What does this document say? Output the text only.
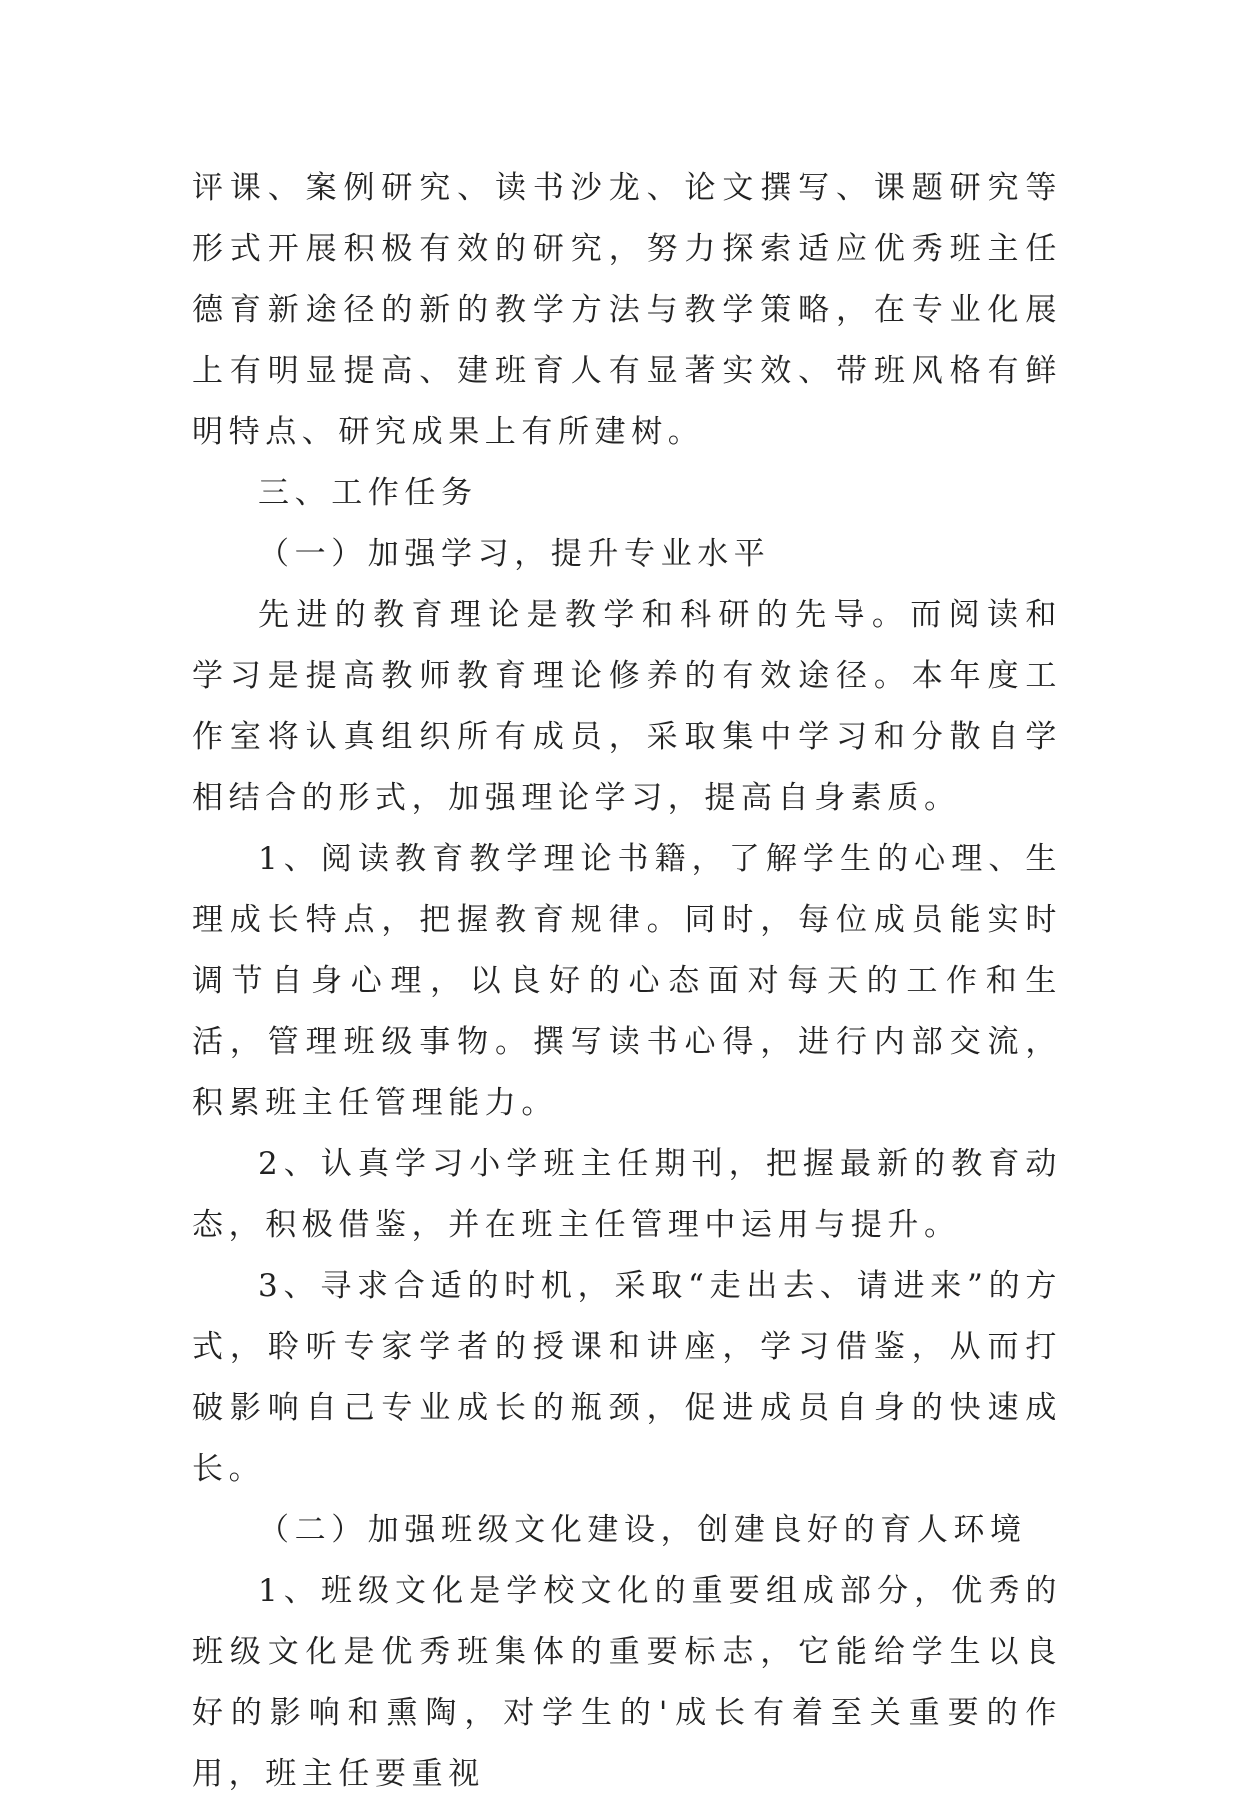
评课、案例研究、读书沙龙、论文撰写、课题研究等形式开展积极有效的研究，努力探索适应优秀班主任德育新途径的新的教学方法与教学策略，在专业化展上有明显提高、建班育人有显著实效、带班风格有鲜明特点、研究成果上有所建树。

三、工作任务

（一）加强学习，提升专业水平

先进的教育理论是教学和科研的先导。而阅读和学习是提高教师教育理论修养的有效途径。本年度工作室将认真组织所有成员，采取集中学习和分散自学相结合的形式，加强理论学习，提高自身素质。

1、阅读教育教学理论书籍，了解学生的心理、生理成长特点，把握教育规律。同时，每位成员能实时调节自身心理，以良好的心态面对每天的工作和生活，管理班级事物。撰写读书心得，进行内部交流，积累班主任管理能力。

2、认真学习小学班主任期刊，把握最新的教育动态，积极借鉴，并在班主任管理中运用与提升。

3、寻求合适的时机，采取“走出去、请进来”的方式，聆听专家学者的授课和讲座，学习借鉴，从而打破影响自己专业成长的瓶颈，促进成员自身的快速成长。

（二）加强班级文化建设，创建良好的育人环境

1、班级文化是学校文化的重要组成部分，优秀的班级文化是优秀班集体的重要标志，它能给学生以良好的影响和熏陶，对学生的'成长有着至关重要的作用，班主任要重视
